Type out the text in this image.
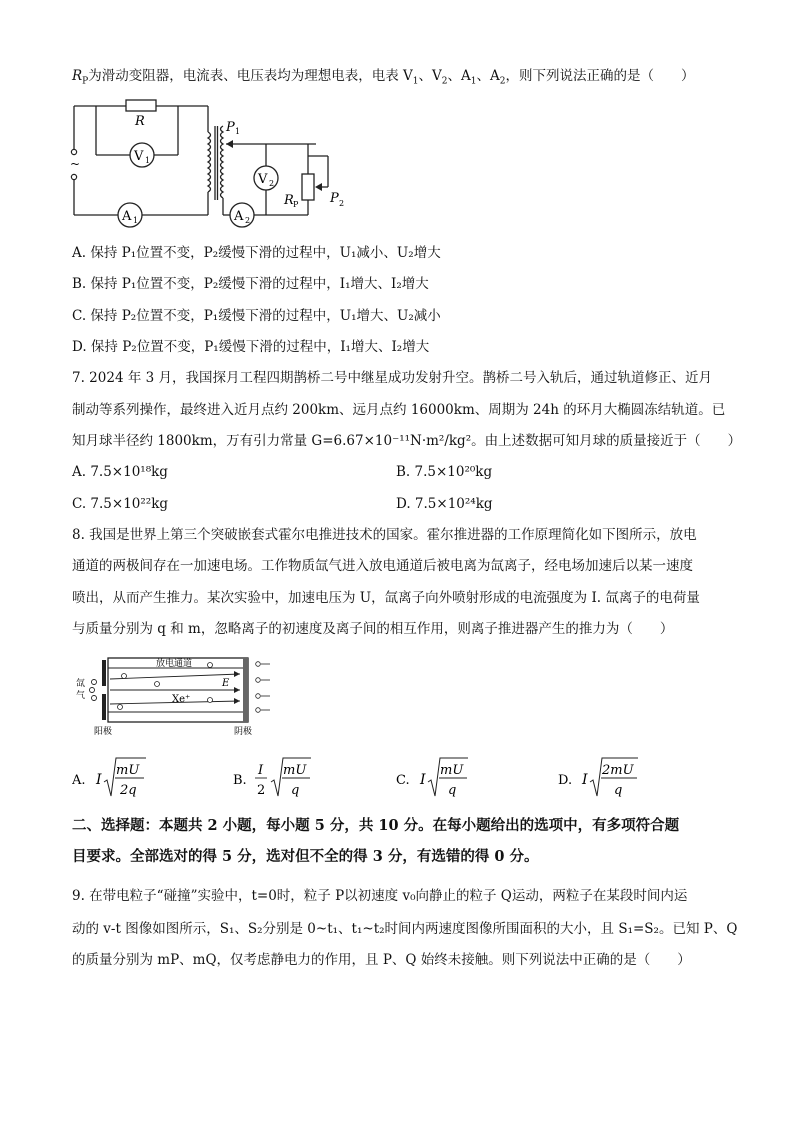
$R_P$为滑动变阻器，电流表、电压表均为理想电表，电表 $V_1$、$V_2$、$A_1$、$A_2$，则下列说法正确的是（　　）
~
R
V 1
V 2
A 1	A 2
P 1
R P P 2
A. 保持 P₁位置不变，P₂缓慢下滑的过程中，U₁减小、U₂增大
B. 保持 P₁位置不变，P₂缓慢下滑的过程中，I₁增大、I₂增大
C. 保持 P₂位置不变，P₁缓慢下滑的过程中，U₁增大、U₂减小
D. 保持 P₂位置不变，P₁缓慢下滑的过程中，I₁增大、I₂增大
7. 2024 年 3 月，我国探月工程四期鹊桥二号中继星成功发射升空。鹊桥二号入轨后，通过轨道修正、近月
制动等系列操作，最终进入近月点约 200km、远月点约 16000km、周期为 24h 的环月大椭圆冻结轨道。已
知月球半径约 1800km，万有引力常量 G=6.67×10⁻¹¹N·m²/kg²。由上述数据可知月球的质量接近于（　　）
A. 7.5×10¹⁸kg	B. 7.5×10²⁰kg
C. 7.5×10²²kg	D. 7.5×10²⁴kg
8. 我国是世界上第三个突破嵌套式霍尔电推进技术的国家。霍尔推进器的工作原理简化如下图所示，放电
通道的两极间存在一加速电场。工作物质氙气进入放电通道后被电离为氙离子，经电场加速后以某一速度
喷出，从而产生推力。某次实验中，加速电压为 U，氙离子向外喷射形成的电流强度为 I. 氙离子的电荷量
与质量分别为 q 和 m，忽略离子的初速度及离子间的相互作用，则离子推进器产生的推力为（　　）
放电通道
氙
气	Xe⁺
E
阳极	阴极
A. I
mU
2q
B.
I
2
mU
q
C. I
mU
q
D. I
2mU
q
二、选择题：本题共 2 小题，每小题 5 分，共 10 分。在每小题给出的选项中，有多项符合题
目要求。全部选对的得 5 分，选对但不全的得 3 分，有选错的得 0 分。
9. 在带电粒子“碰撞”实验中，t=0时，粒子 P以初速度 v₀向静止的粒子 Q运动，两粒子在某段时间内运
动的 v-t 图像如图所示，S₁、S₂分别是 0~t₁、t₁~t₂时间内两速度图像所围面积的大小，且 S₁=S₂。已知 P、Q
的质量分别为 mP、mQ，仅考虑静电力的作用，且 P、Q 始终未接触。则下列说法中正确的是（　　）
